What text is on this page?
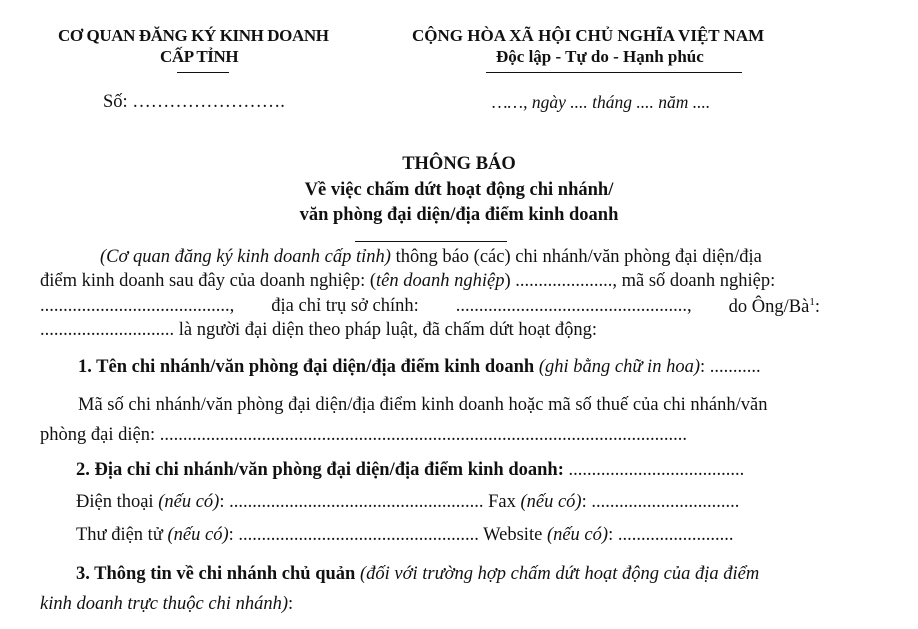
CƠ QUAN ĐĂNG KÝ KINH DOANH
CẤP TỈNH
Số: …………………….
CỘNG HÒA XÃ HỘI CHỦ NGHĨA VIỆT NAM
Độc lập - Tự do - Hạnh phúc
……, ngày .... tháng .... năm ....
THÔNG BÁO
Về việc chấm dứt hoạt động chi nhánh/
văn phòng đại diện/địa điểm kinh doanh
(Cơ quan đăng ký kinh doanh cấp tỉnh) thông báo (các) chi nhánh/văn phòng đại diện/địa
điểm kinh doanh sau đây của doanh nghiệp: (tên doanh nghiệp) ....................., mã số doanh nghiệp:
........................................., địa chỉ trụ sở chính: .................................................., do Ông/$Bà^1$:
............................. là người đại diện theo pháp luật, đã chấm dứt hoạt động:
1. Tên chi nhánh/văn phòng đại diện/địa điểm kinh doanh (ghi bằng chữ in hoa): ...........
Mã số chi nhánh/văn phòng đại diện/địa điểm kinh doanh hoặc mã số thuế của chi nhánh/văn
phòng đại diện: ..................................................................................................................
2. Địa chỉ chi nhánh/văn phòng đại diện/địa điểm kinh doanh: ......................................
Điện thoại (nếu có): ....................................................... Fax (nếu có): ................................
Thư điện tử (nếu có): .................................................... Website (nếu có): .........................
3. Thông tin về chi nhánh chủ quản (đối với trường hợp chấm dứt hoạt động của địa điểm
kinh doanh trực thuộc chi nhánh):
